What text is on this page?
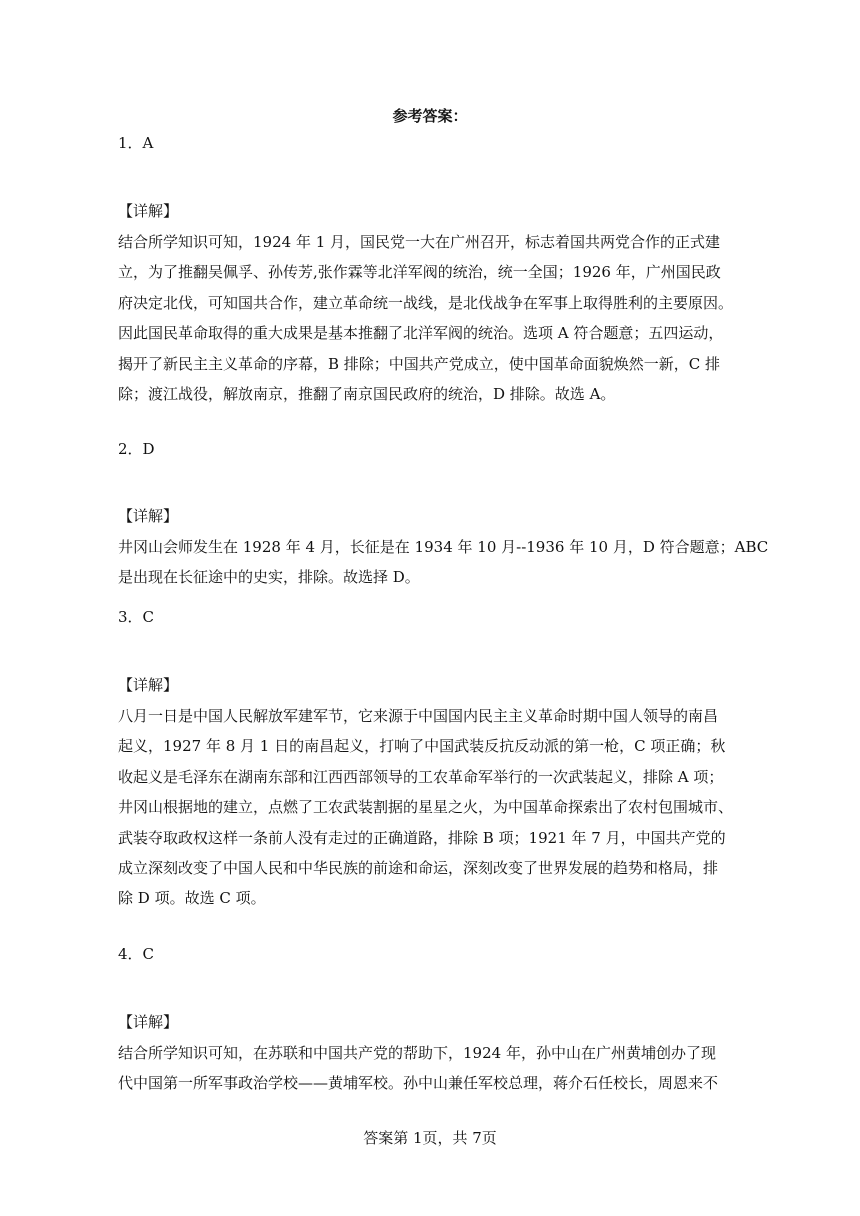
参考答案：
1．A
【详解】
结合所学知识可知，1924 年 1 月，国民党一大在广州召开，标志着国共两党合作的正式建
立，为了推翻吴佩孚、孙传芳,张作霖等北洋军阀的统治，统一全国；1926 年，广州国民政
府决定北伐，可知国共合作，建立革命统一战线，是北伐战争在军事上取得胜利的主要原因。
因此国民革命取得的重大成果是基本推翻了北洋军阀的统治。选项 A 符合题意；五四运动，
揭开了新民主主义革命的序幕，B 排除；中国共产党成立，使中国革命面貌焕然一新，C 排
除；渡江战役，解放南京，推翻了南京国民政府的统治，D 排除。故选 A。
2．D
【详解】
井冈山会师发生在 1928 年 4 月，长征是在 1934 年 10 月--1936 年 10 月，D 符合题意；ABC
是出现在长征途中的史实，排除。故选择 D。
3．C
【详解】
八月一日是中国人民解放军建军节，它来源于中国国内民主主义革命时期中国人领导的南昌
起义，1927 年 8 月 1 日的南昌起义，打响了中国武装反抗反动派的第一枪，C 项正确；秋
收起义是毛泽东在湖南东部和江西西部领导的工农革命军举行的一次武装起义，排除 A 项；
井冈山根据地的建立，点燃了工农武装割据的星星之火，为中国革命探索出了农村包围城市、
武装夺取政权这样一条前人没有走过的正确道路，排除 B 项；1921 年 7 月，中国共产党的
成立深刻改变了中国人民和中华民族的前途和命运，深刻改变了世界发展的趋势和格局，排
除 D 项。故选 C 项。
4．C
【详解】
结合所学知识可知，在苏联和中国共产党的帮助下，1924 年，孙中山在广州黄埔创办了现
代中国第一所军事政治学校——黄埔军校。孙中山兼任军校总理，蒋介石任校长，周恩来不
答案第 1页，共 7页
